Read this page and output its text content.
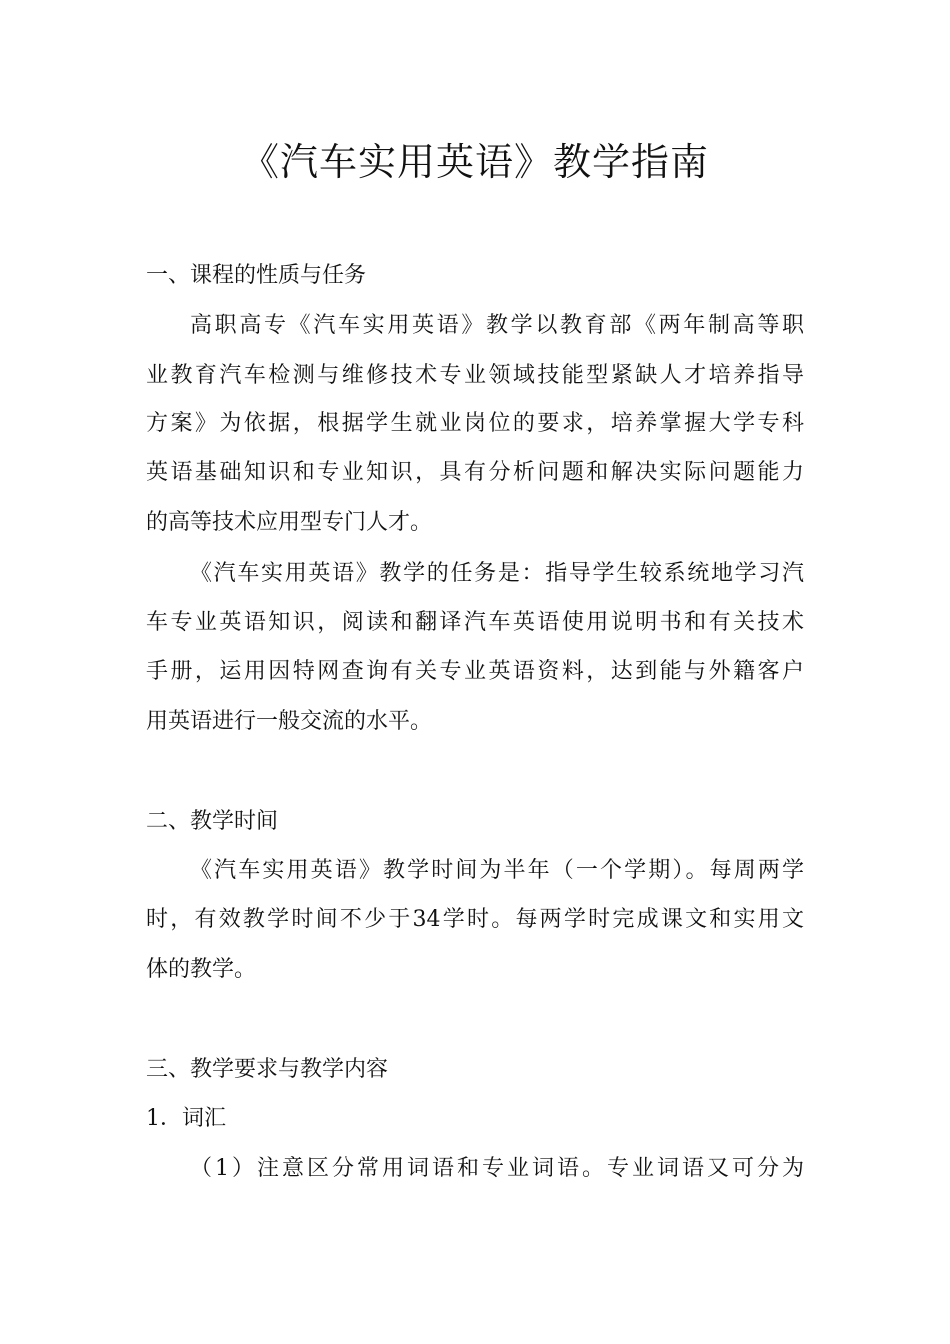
《汽车实用英语》教学指南
一、课程的性质与任务
高职高专《汽车实用英语》教学以教育部《两年制高等职
业教育汽车检测与维修技术专业领域技能型紧缺人才培养指导
方案》为依据，根据学生就业岗位的要求，培养掌握大学专科
英语基础知识和专业知识，具有分析问题和解决实际问题能力
的高等技术应用型专门人才。
《汽车实用英语》教学的任务是：指导学生较系统地学习汽
车专业英语知识，阅读和翻译汽车英语使用说明书和有关技术
手册，运用因特网查询有关专业英语资料，达到能与外籍客户
用英语进行一般交流的水平。
二、教学时间
《汽车实用英语》教学时间为半年（一个学期）。每周两学
时，有效教学时间不少于34学时。每两学时完成课文和实用文
体的教学。
三、教学要求与教学内容
1．词汇
（1）注意区分常用词语和专业词语。专业词语又可分为
